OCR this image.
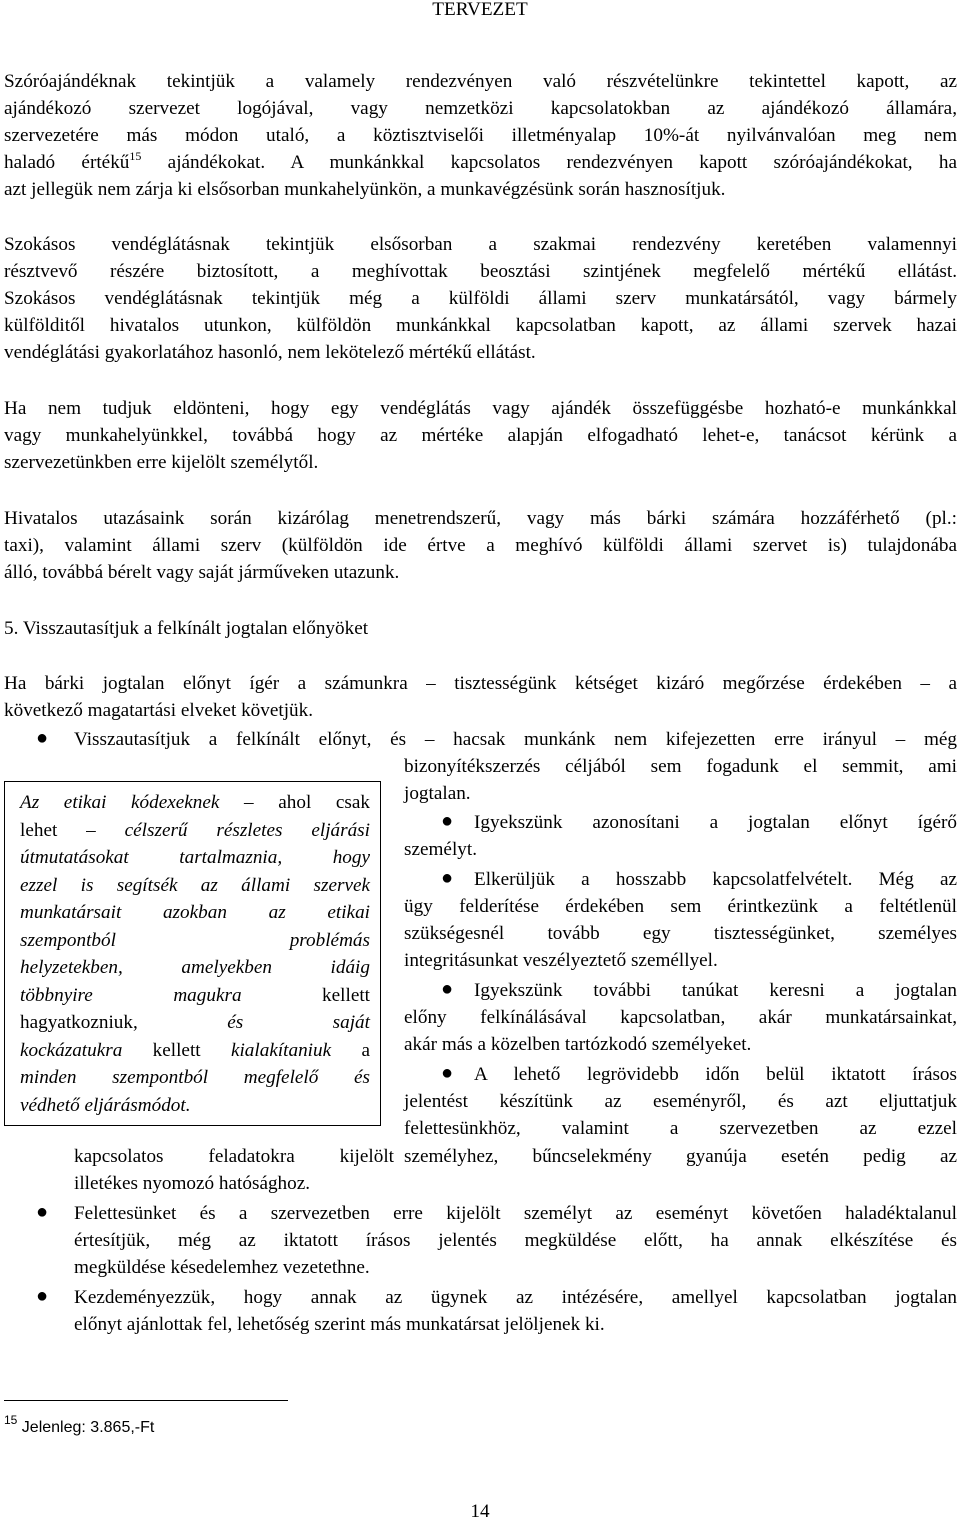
TERVEZET
Szóróajándéknak tekintjük a valamely rendezvényen való részvételünkre tekintettel kapott, az
ajándékozó szervezet logójával, vagy nemzetközi kapcsolatokban az ajándékozó államára,
szervezetére más módon utaló, a köztisztviselői illetményalap 10%-át nyilvánvalóan meg nem
haladó értékű$^{15}$ ajándékokat. A munkánkkal kapcsolatos rendezvényen kapott szóróajándékokat, ha
azt jellegük nem zárja ki elsősorban munkahelyünkön, a munkavégzésünk során hasznosítjuk.
Szokásos vendéglátásnak tekintjük elsősorban a szakmai rendezvény keretében valamennyi
résztvevő részére biztosított, a meghívottak beosztási szintjének megfelelő mértékű ellátást.
Szokásos vendéglátásnak tekintjük még a külföldi állami szerv munkatársától, vagy bármely
külfölditől hivatalos utunkon, külföldön munkánkkal kapcsolatban kapott, az állami szervek hazai
vendéglátási gyakorlatához hasonló, nem lekötelező mértékű ellátást.
Ha nem tudjuk eldönteni, hogy egy vendéglátás vagy ajándék összefüggésbe hozható-e munkánkkal
vagy munkahelyünkkel, továbbá hogy az mértéke alapján elfogadható lehet-e, tanácsot kérünk a
szervezetünkben erre kijelölt személytől.
Hivatalos utazásaink során kizárólag menetrendszerű, vagy más bárki számára hozzáférhető (pl.:
taxi), valamint állami szerv (külföldön ide értve a meghívó külföldi állami szervet is) tulajdonába
álló, továbbá bérelt vagy saját járműveken utazunk.
5. Visszautasítjuk a felkínált jogtalan előnyöket
Ha bárki jogtalan előnyt ígér a számunkra – tisztességünk kétséget kizáró megőrzése érdekében – a
következő magatartási elveket követjük.
● Visszautasítjuk a felkínált előnyt, és – hacsak munkánk nem kifejezetten erre irányul – még
bizonyítékszerzés céljából sem fogadunk el semmit, ami
jogtalan.
● Igyekszünk azonosítani a jogtalan előnyt ígérő
személyt.
● Elkerüljük a hosszabb kapcsolatfelvételt. Még az
ügy felderítése érdekében sem érintkezünk a feltétlenül
szükségesnél tovább egy tisztességünket, személyes
integritásunkat veszélyeztető személlyel.
● Igyekszünk további tanúkat keresni a jogtalan
előny felkínálásával kapcsolatban, akár munkatársainkat,
akár más a közelben tartózkodó személyeket.
● A lehető legrövidebb időn belül iktatott írásos
jelentést készítünk az eseményről, és azt eljuttatjuk
felettesünkhöz, valamint a szervezetben az ezzel
kapcsolatos feladatokra kijelölt személyhez, bűncselekmény gyanúja esetén pedig az
illetékes nyomozó hatósághoz.
Az etikai kódexeknek – ahol csak
lehet – célszerű részletes eljárási
útmutatásokat tartalmaznia, hogy
ezzel is segítsék az állami szervek
munkatársait azokban az etikai
szempontból problémás
helyzetekben, amelyekben idáig
többnyire magukra kellett
hagyatkozniuk, és saját
kockázatukra kellett kialakítaniuk a
minden szempontból megfelelő és
védhető eljárásmódot.
● Felettesünket és a szervezetben erre kijelölt személyt az eseményt követően haladéktalanul
értesítjük, még az iktatott írásos jelentés megküldése előtt, ha annak elkészítése és
megküldése késedelemhez vezetethne.
● Kezdeményezzük, hogy annak az ügynek az intézésére, amellyel kapcsolatban jogtalan
előnyt ajánlottak fel, lehetőség szerint más munkatársat jelöljenek ki.
$^{15}$ Jelenleg: 3.865,-Ft
14
